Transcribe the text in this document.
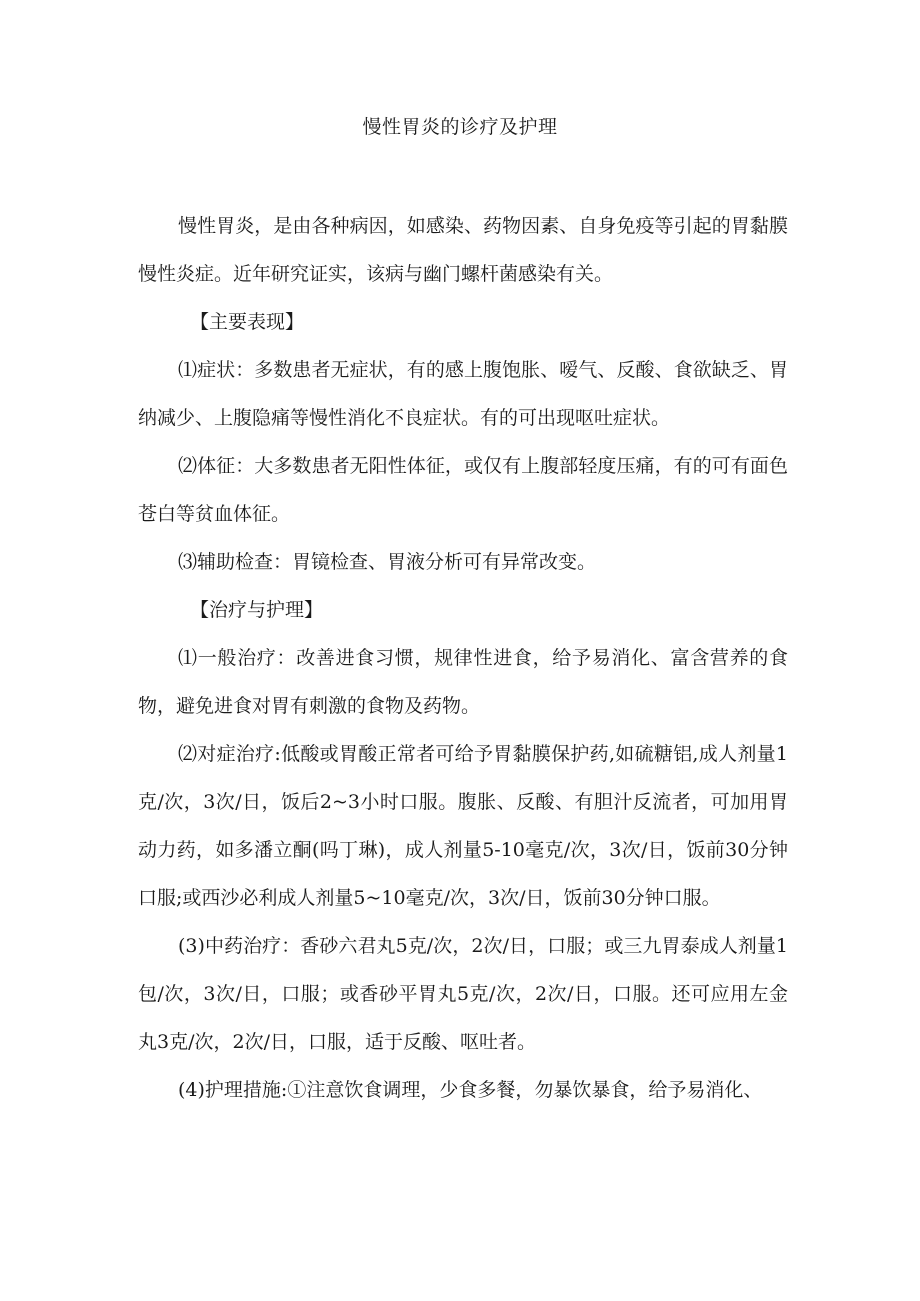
慢性胃炎的诊疗及护理

慢性胃炎，是由各种病因，如感染、药物因素、自身免疫等引起的胃黏膜慢性炎症。近年研究证实，该病与幽门螺杆菌感染有关。

【主要表现】

⑴症状：多数患者无症状，有的感上腹饱胀、嗳气、反酸、食欲缺乏、胃纳减少、上腹隐痛等慢性消化不良症状。有的可出现呕吐症状。

⑵体征：大多数患者无阳性体征，或仅有上腹部轻度压痛，有的可有面色苍白等贫血体征。

⑶辅助检查：胃镜检查、胃液分析可有异常改变。

【治疗与护理】

⑴一般治疗：改善进食习惯，规律性进食，给予易消化、富含营养的食物，避免进食对胃有刺激的食物及药物。

⑵对症治疗:低酸或胃酸正常者可给予胃黏膜保护药,如硫糖铝,成人剂量1克/次，3次/日，饭后2~3小时口服。腹胀、反酸、有胆汁反流者，可加用胃动力药，如多潘立酮(吗丁琳)，成人剂量5-10毫克/次，3次/日，饭前30分钟口服;或西沙必利成人剂量5~10毫克/次，3次/日，饭前30分钟口服。

(3)中药治疗：香砂六君丸5克/次，2次/日，口服；或三九胃泰成人剂量1包/次，3次/日，口服；或香砂平胃丸5克/次，2次/日，口服。还可应用左金丸3克/次，2次/日，口服，适于反酸、呕吐者。

(4)护理措施:①注意饮食调理，少食多餐，勿暴饮暴食，给予易消化、
